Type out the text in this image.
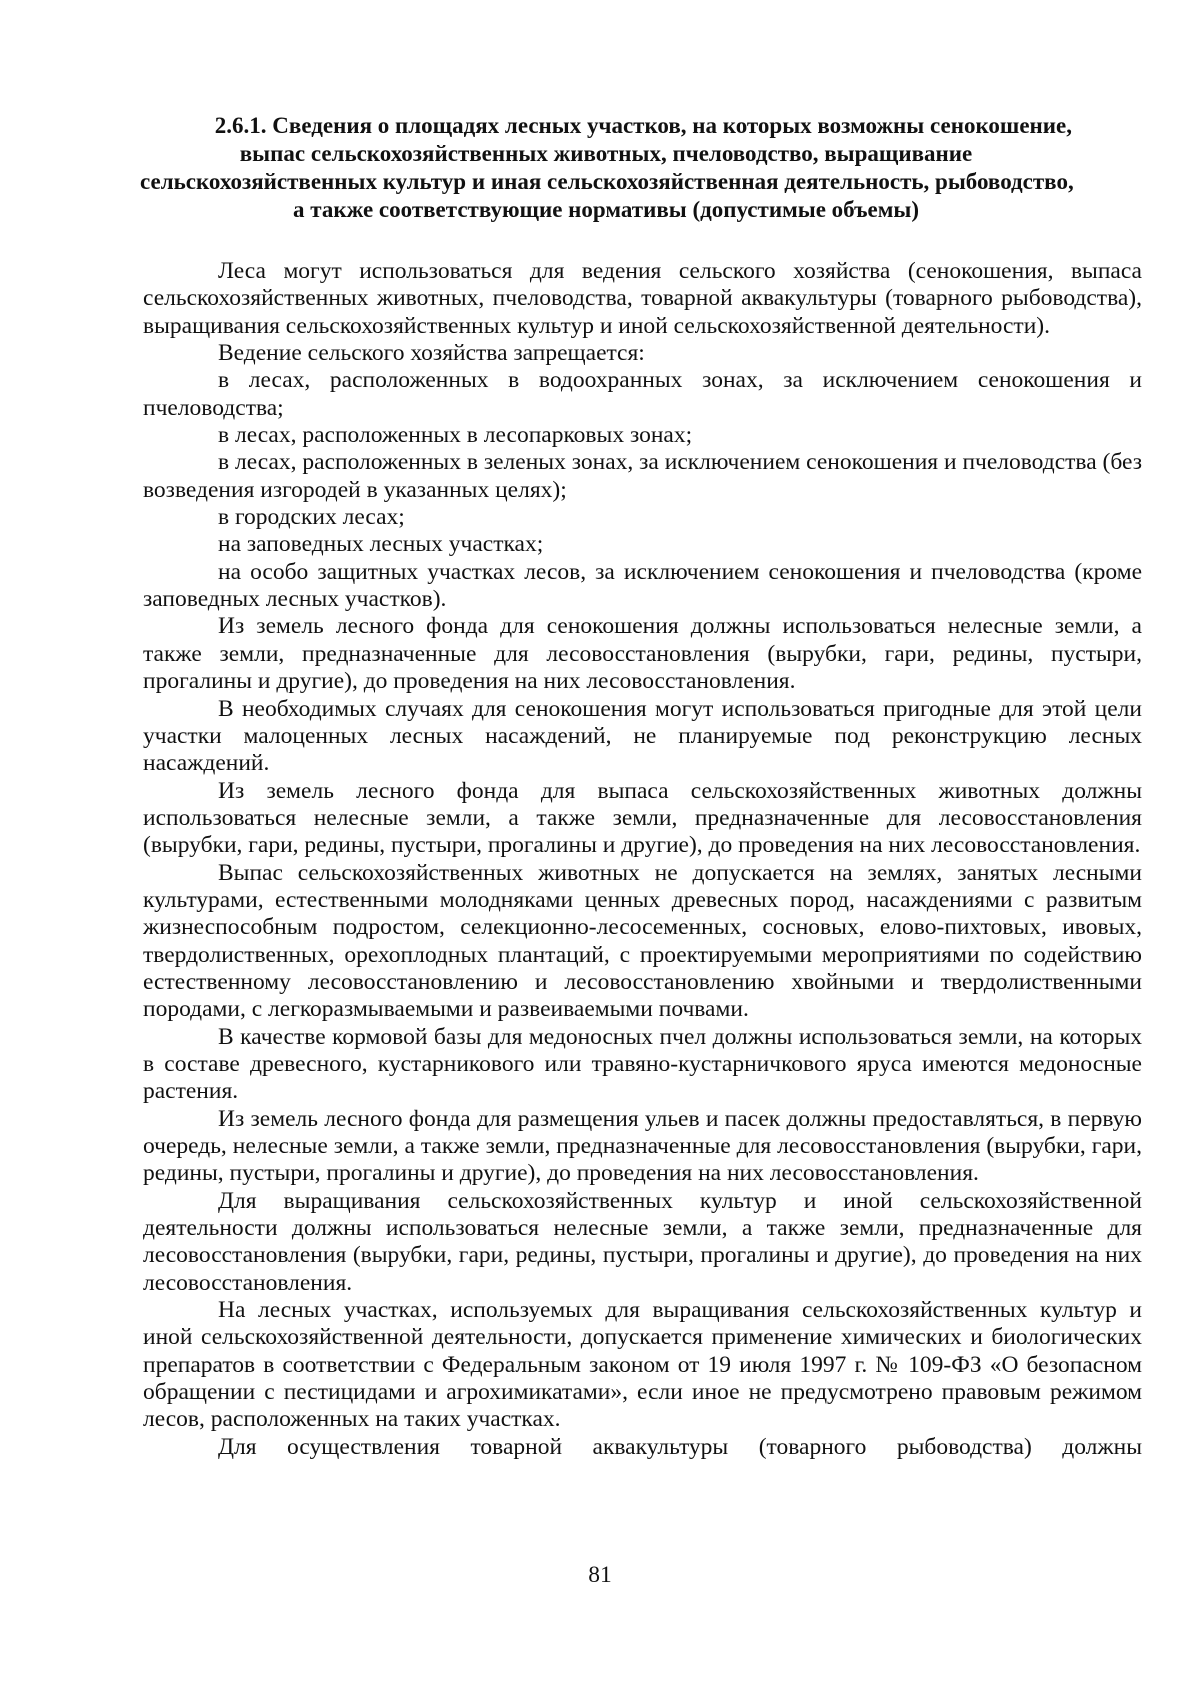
2.6.1. Сведения о площадях лесных участков, на которых возможны сенокошение,
выпас сельскохозяйственных животных, пчеловодство, выращивание
сельскохозяйственных культур и иная сельскохозяйственная деятельность, рыбоводство,
а также соответствующие нормативы (допустимые объемы)

Леса могут использоваться для ведения сельского хозяйства (сенокошения, выпаса сельскохозяйственных животных, пчеловодства, товарной аквакультуры (товарного рыбоводства), выращивания сельскохозяйственных культур и иной сельскохозяйственной деятельности).

Ведение сельского хозяйства запрещается:

в лесах, расположенных в водоохранных зонах, за исключением сенокошения и пчеловодства;

в лесах, расположенных в лесопарковых зонах;

в лесах, расположенных в зеленых зонах, за исключением сенокошения и пчеловодства (без возведения изгородей в указанных целях);

в городских лесах;

на заповедных лесных участках;

на особо защитных участках лесов, за исключением сенокошения и пчеловодства (кроме заповедных лесных участков).

Из земель лесного фонда для сенокошения должны использоваться нелесные земли, а также земли, предназначенные для лесовосстановления (вырубки, гари, редины, пустыри, прогалины и другие), до проведения на них лесовосстановления.

В необходимых случаях для сенокошения могут использоваться пригодные для этой цели участки малоценных лесных насаждений, не планируемые под реконструкцию лесных насаждений.

Из земель лесного фонда для выпаса сельскохозяйственных животных должны использоваться нелесные земли, а также земли, предназначенные для лесовосстановления (вырубки, гари, редины, пустыри, прогалины и другие), до проведения на них лесовосстановления.

Выпас сельскохозяйственных животных не допускается на землях, занятых лесными культурами, естественными молодняками ценных древесных пород, насаждениями с развитым жизнеспособным подростом, селекционно-лесосеменных, сосновых, елово-пихтовых, ивовых, твердолиственных, орехоплодных плантаций, с проектируемыми мероприятиями по содействию естественному лесовосстановлению и лесовосстановлению хвойными и твердолиственными породами, с легкоразмываемыми и развеиваемыми почвами.

В качестве кормовой базы для медоносных пчел должны использоваться земли, на которых в составе древесного, кустарникового или травяно-кустарничкового яруса имеются медоносные растения.

Из земель лесного фонда для размещения ульев и пасек должны предоставляться, в первую очередь, нелесные земли, а также земли, предназначенные для лесовосстановления (вырубки, гари, редины, пустыри, прогалины и другие), до проведения на них лесовосстановления.

Для выращивания сельскохозяйственных культур и иной сельскохозяйственной деятельности должны использоваться нелесные земли, а также земли, предназначенные для лесовосстановления (вырубки, гари, редины, пустыри, прогалины и другие), до проведения на них лесовосстановления.

На лесных участках, используемых для выращивания сельскохозяйственных культур и иной сельскохозяйственной деятельности, допускается применение химических и биологических препаратов в соответствии с Федеральным законом от 19 июля 1997 г. № 109-ФЗ «О безопасном обращении с пестицидами и агрохимикатами», если иное не предусмотрено правовым режимом лесов, расположенных на таких участках.

Для осуществления товарной аквакультуры (товарного рыбоводства) должны

81
